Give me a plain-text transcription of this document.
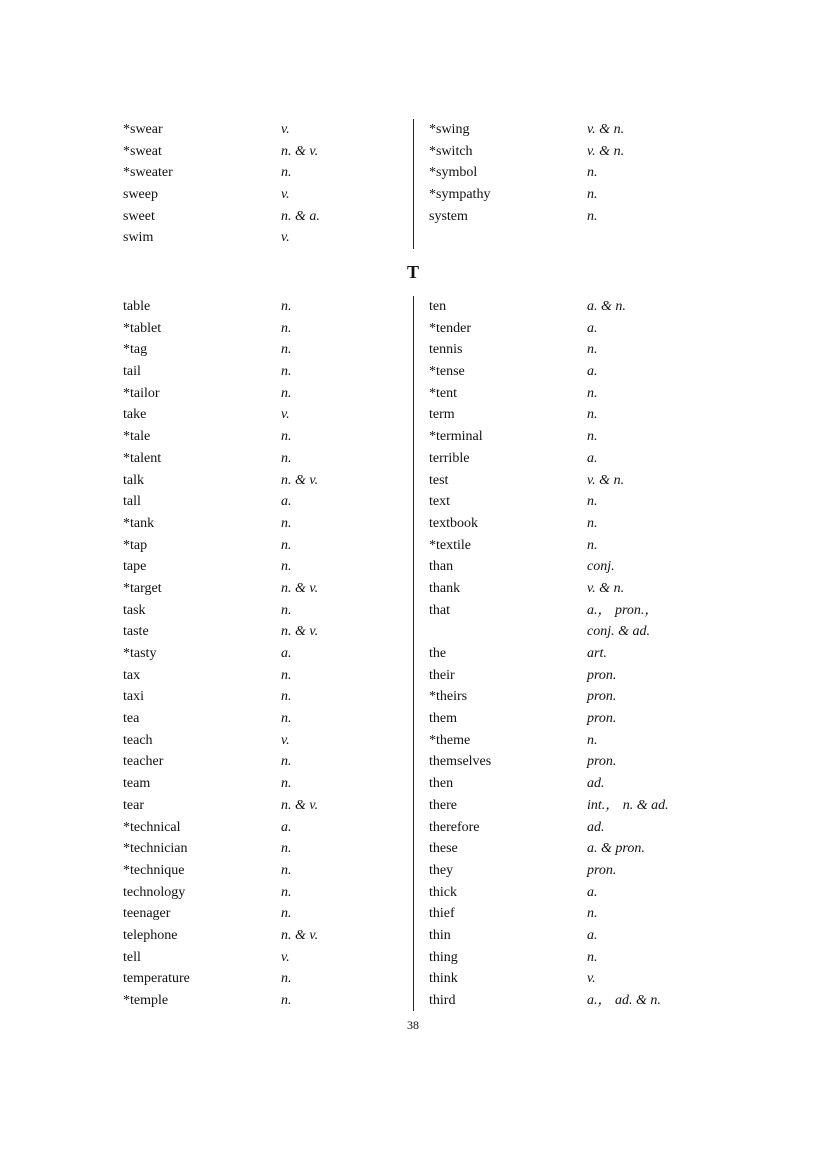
*swear	v.
*sweat	n. & v.
*sweater	n.
sweep	v.
sweet	n. & a.
swim	v.
*swing	v. & n.
*switch	v. & n.
*symbol	n.
*sympathy	n.
system	n.
T
table	n.
*tablet	n.
*tag	n.
tail	n.
*tailor	n.
take	v.
*tale	n.
*talent	n.
talk	n. & v.
tall	a.
*tank	n.
*tap	n.
tape	n.
*target	n. & v.
task	n.
taste	n. & v.
*tasty	a.
tax	n.
taxi	n.
tea	n.
teach	v.
teacher	n.
team	n.
tear	n. & v.
*technical	a.
*technician	n.
*technique	n.
technology	n.
teenager	n.
telephone	n. & v.
tell	v.
temperature	n.
*temple	n.
ten	a. & n.
*tender	a.
tennis	n.
*tense	a.
*tent	n.
term	n.
*terminal	n.
terrible	a.
test	v. & n.
text	n.
textbook	n.
*textile	n.
than	conj.
thank	v. & n.
that	a.， pron.，
conj. & ad.
the	art.
their	pron.
*theirs	pron.
them	pron.
*theme	n.
themselves	pron.
then	ad.
there	int.， n. & ad.
therefore	ad.
these	a. & pron.
they	pron.
thick	a.
thief	n.
thin	a.
thing	n.
think	v.
third	a.， ad. & n.
38
